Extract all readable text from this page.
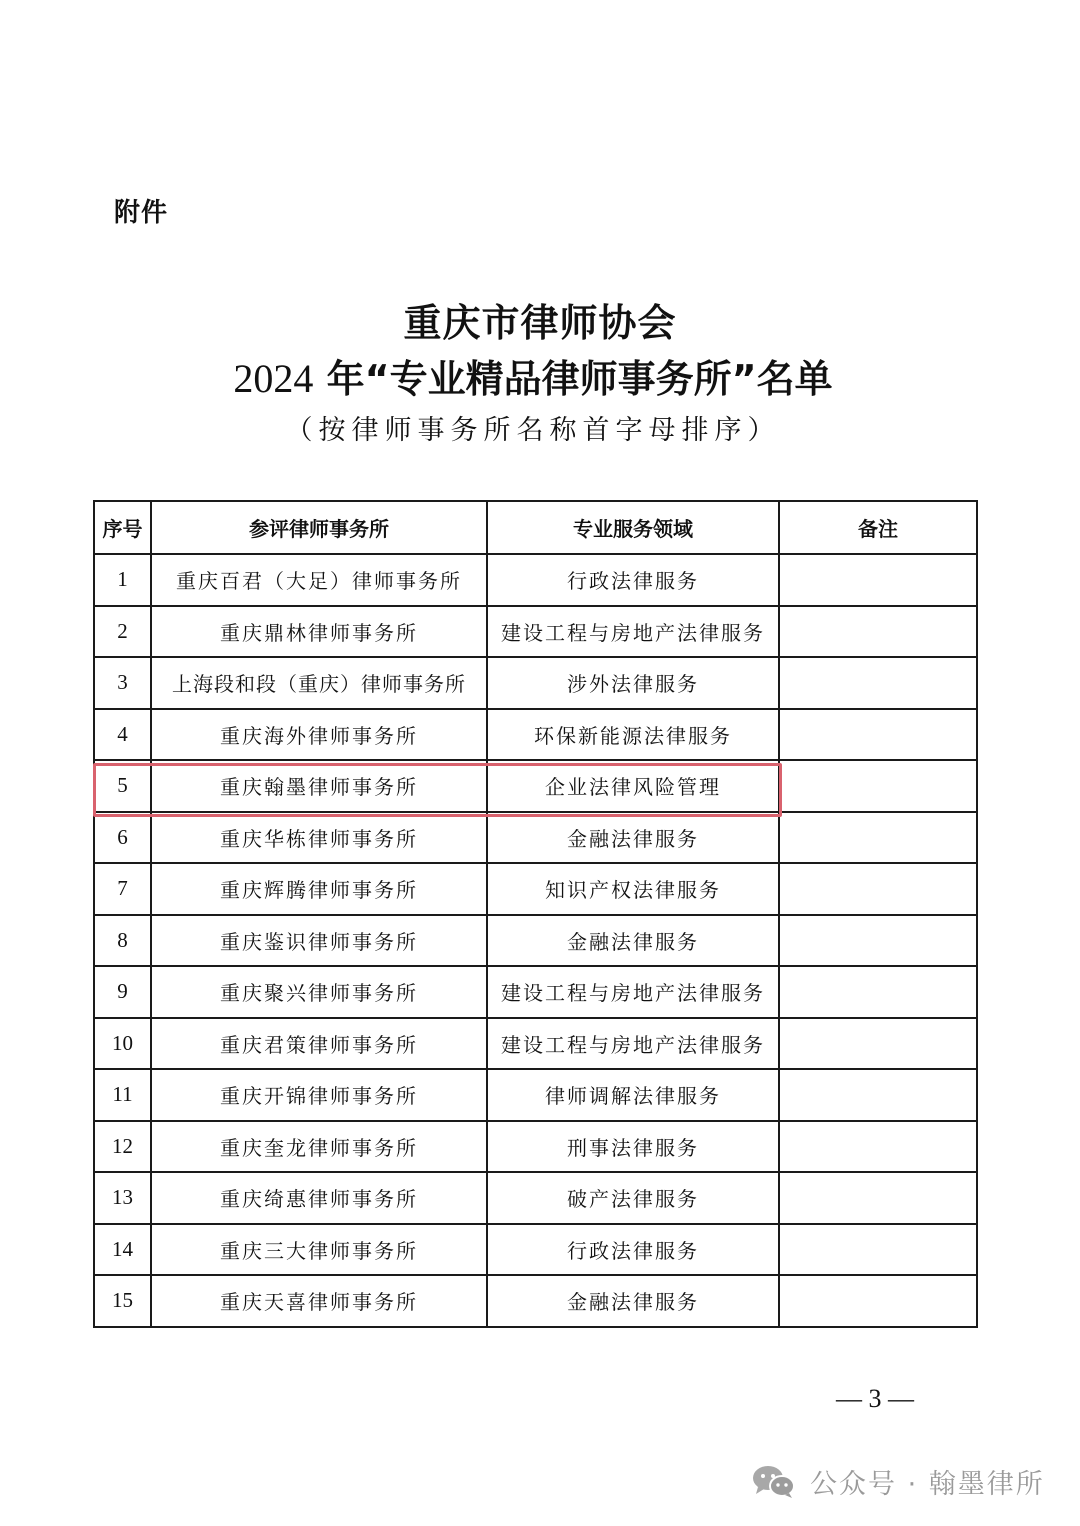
附件
重庆市律师协会
2024 年“专业精品律师事务所”名单
（按律师事务所名称首字母排序）
序号	参评律师事务所	专业服务领域	备注
1	重庆百君（大足）律师事务所	行政法律服务	
2	重庆鼎林律师事务所	建设工程与房地产法律服务	
3	上海段和段（重庆）律师事务所	涉外法律服务	
4	重庆海外律师事务所	环保新能源法律服务	
5	重庆翰墨律师事务所	企业法律风险管理	
6	重庆华栋律师事务所	金融法律服务	
7	重庆辉腾律师事务所	知识产权法律服务	
8	重庆鉴识律师事务所	金融法律服务	
9	重庆聚兴律师事务所	建设工程与房地产法律服务	
10	重庆君策律师事务所	建设工程与房地产法律服务	
11	重庆开锦律师事务所	律师调解法律服务	
12	重庆奎龙律师事务所	刑事法律服务	
13	重庆绮惠律师事务所	破产法律服务	
14	重庆三大律师事务所	行政法律服务	
15	重庆天喜律师事务所	金融法律服务	
— 3 —
公众号 · 翰墨律所
